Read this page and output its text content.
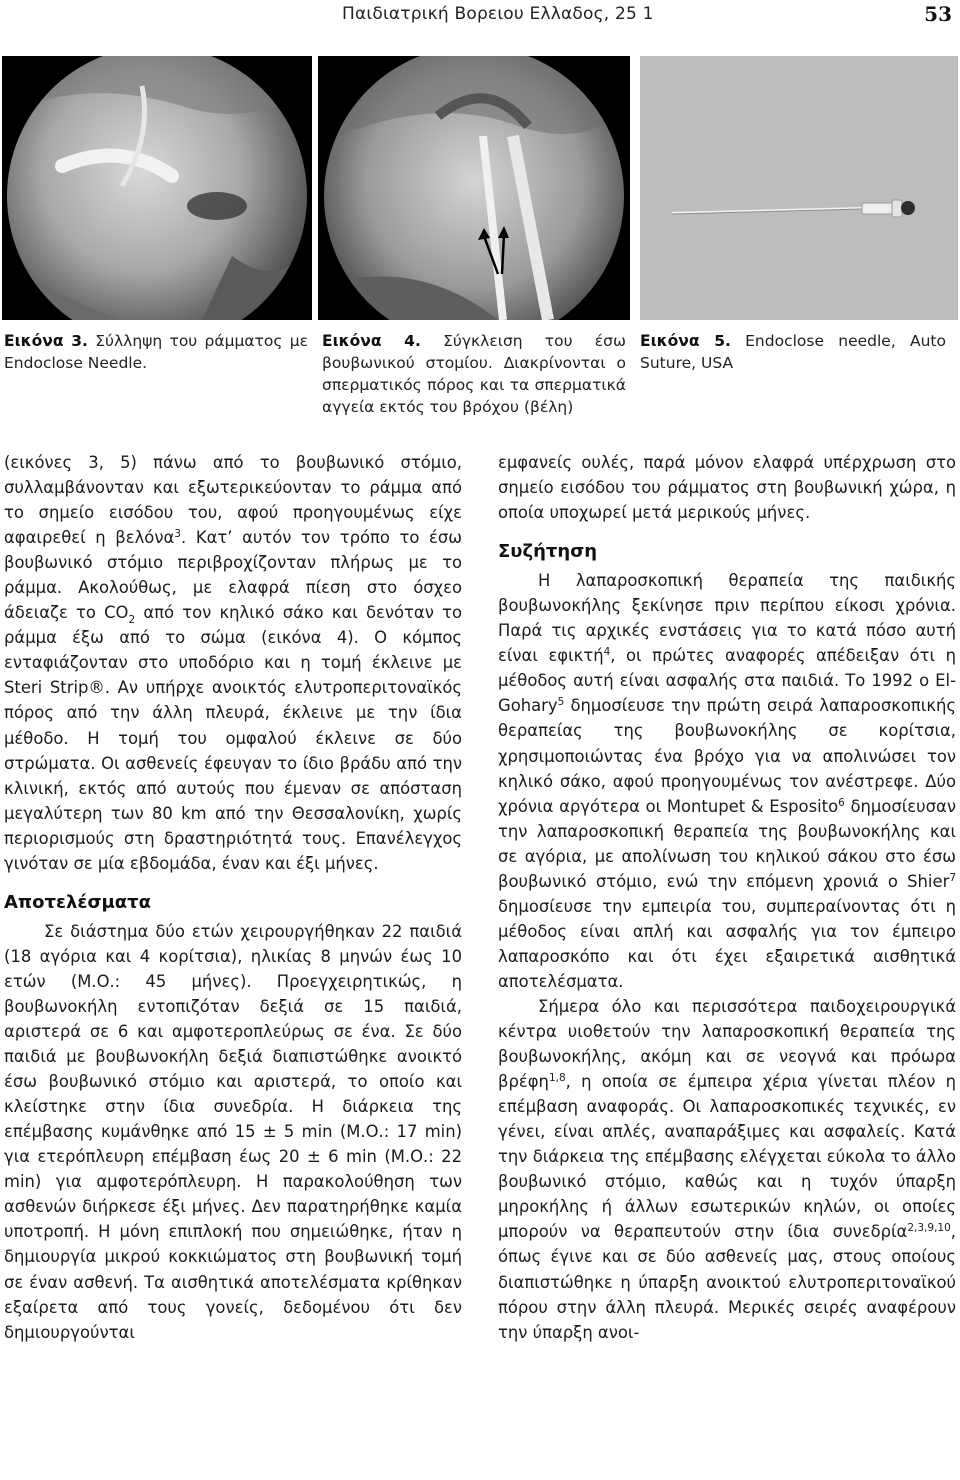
Παιδιατρική Βορειου Ελλαδος, 25 1	53
Εικόνα 3. Σύλληψη του ράμματος με Endoclose Needle.
Εικόνα 4. Σύγκλειση του έσω βουβωνικού στομίου. Διακρίνονται ο σπερματικός πόρος και τα σπερματικά αγγεία εκτός του βρόχου (βέλη)
Εικόνα 5. Endoclose needle, Auto Suture, USA

(εικόνες 3, 5) πάνω από το βουβωνικό στόμιο, συλλαμβάνονταν και εξωτερικεύονταν το ράμμα από το σημείο εισόδου του, αφού προηγουμένως είχε αφαιρεθεί η βελόνα$^3$. Κατ’ αυτόν τον τρόπο το έσω βουβωνικό στόμιο περιβροχίζονταν πλήρως με το ράμμα. Ακολούθως, με ελαφρά πίεση στο όσχεο άδειαζε το $CO_2$ από τον κηλικό σάκο και δενόταν το ράμμα έξω από το σώμα (εικόνα 4). Ο κόμπος ενταφιάζονταν στο υποδόριο και η τομή έκλεινε με Steri Strip®. Αν υπήρχε ανοικτός ελυτροπεριτοναϊκός πόρος από την άλλη πλευρά, έκλεινε με την ίδια μέθοδο. Η τομή του ομφαλού έκλεινε σε δύο στρώματα. Οι ασθενείς έφευγαν το ίδιο βράδυ από την κλινική, εκτός από αυτούς που έμεναν σε απόσταση μεγαλύτερη των 80 km από την Θεσσαλονίκη, χωρίς περιορισμούς στη δραστηριότητά τους. Επανέλεγχος γινόταν σε μία εβδομάδα, έναν και έξι μήνες.

Αποτελέσματα

Σε διάστημα δύο ετών χειρουργήθηκαν 22 παιδιά (18 αγόρια και 4 κορίτσια), ηλικίας 8 μηνών έως 10 ετών (Μ.Ο.: 45 μήνες). Προεγχειρητικώς, η βουβωνοκήλη εντοπιζόταν δεξιά σε 15 παιδιά, αριστερά σε 6 και αμφοτεροπλεύρως σε ένα. Σε δύο παιδιά με βουβωνοκήλη δεξιά διαπιστώθηκε ανοικτό έσω βουβωνικό στόμιο και αριστερά, το οποίο και κλείστηκε στην ίδια συνεδρία. Η διάρκεια της επέμβασης κυμάνθηκε από 15 ± 5 min (Μ.Ο.: 17 min) για ετερόπλευρη επέμβαση έως 20 ± 6 min (Μ.Ο.: 22 min) για αμφοτερόπλευρη. Η παρακολούθηση των ασθενών διήρκεσε έξι μήνες. Δεν παρατηρήθηκε καμία υποτροπή. Η μόνη επιπλοκή που σημειώθηκε, ήταν η δημιουργία μικρού κοκκιώματος στη βουβωνική τομή σε έναν ασθενή. Τα αισθητικά αποτελέσματα κρίθηκαν εξαίρετα από τους γονείς, δεδομένου ότι δεν δημιουργούνται

εμφανείς ουλές, παρά μόνον ελαφρά υπέρχρωση στο σημείο εισόδου του ράμματος στη βουβωνική χώρα, η οποία υποχωρεί μετά μερικούς μήνες.

Συζήτηση

Η λαπαροσκοπική θεραπεία της παιδικής βουβωνοκήλης ξεκίνησε πριν περίπου είκοσι χρόνια. Παρά τις αρχικές ενστάσεις για το κατά πόσο αυτή είναι εφικτή$^4$, οι πρώτες αναφορές απέδειξαν ότι η μέθοδος αυτή είναι ασφαλής στα παιδιά. Το 1992 ο El-Gohary$^5$ δημοσίευσε την πρώτη σειρά λαπαροσκοπικής θεραπείας της βουβωνοκήλης σε κορίτσια, χρησιμοποιώντας ένα βρόχο για να απολινώσει τον κηλικό σάκο, αφού προηγουμένως τον ανέστρεφε. Δύο χρόνια αργότερα οι Montupet & Esposito$^6$ δημοσίευσαν την λαπαροσκοπική θεραπεία της βουβωνοκήλης και σε αγόρια, με απολίνωση του κηλικού σάκου στο έσω βουβωνικό στόμιο, ενώ την επόμενη χρονιά ο Shier$^7$ δημοσίευσε την εμπειρία του, συμπεραίνοντας ότι η μέθοδος είναι απλή και ασφαλής για τον έμπειρο λαπαροσκόπο και ότι έχει εξαιρετικά αισθητικά αποτελέσματα.

Σήμερα όλο και περισσότερα παιδοχειρουργικά κέντρα υιοθετούν την λαπαροσκοπική θεραπεία της βουβωνοκήλης, ακόμη και σε νεογνά και πρόωρα βρέφη$^{1,8}$, η οποία σε έμπειρα χέρια γίνεται πλέον η επέμβαση αναφοράς. Οι λαπαροσκοπικές τεχνικές, εν γένει, είναι απλές, αναπαράξιμες και ασφαλείς. Κατά την διάρκεια της επέμβασης ελέγχεται εύκολα το άλλο βουβωνικό στόμιο, καθώς και η τυχόν ύπαρξη μηροκήλης ή άλλων εσωτερικών κηλών, οι οποίες μπορούν να θεραπευτούν στην ίδια συνεδρία$^{2,3,9,10}$, όπως έγινε και σε δύο ασθενείς μας, στους οποίους διαπιστώθηκε η ύπαρξη ανοικτού ελυτροπεριτοναϊκού πόρου στην άλλη πλευρά. Μερικές σειρές αναφέρουν την ύπαρξη ανοι-
